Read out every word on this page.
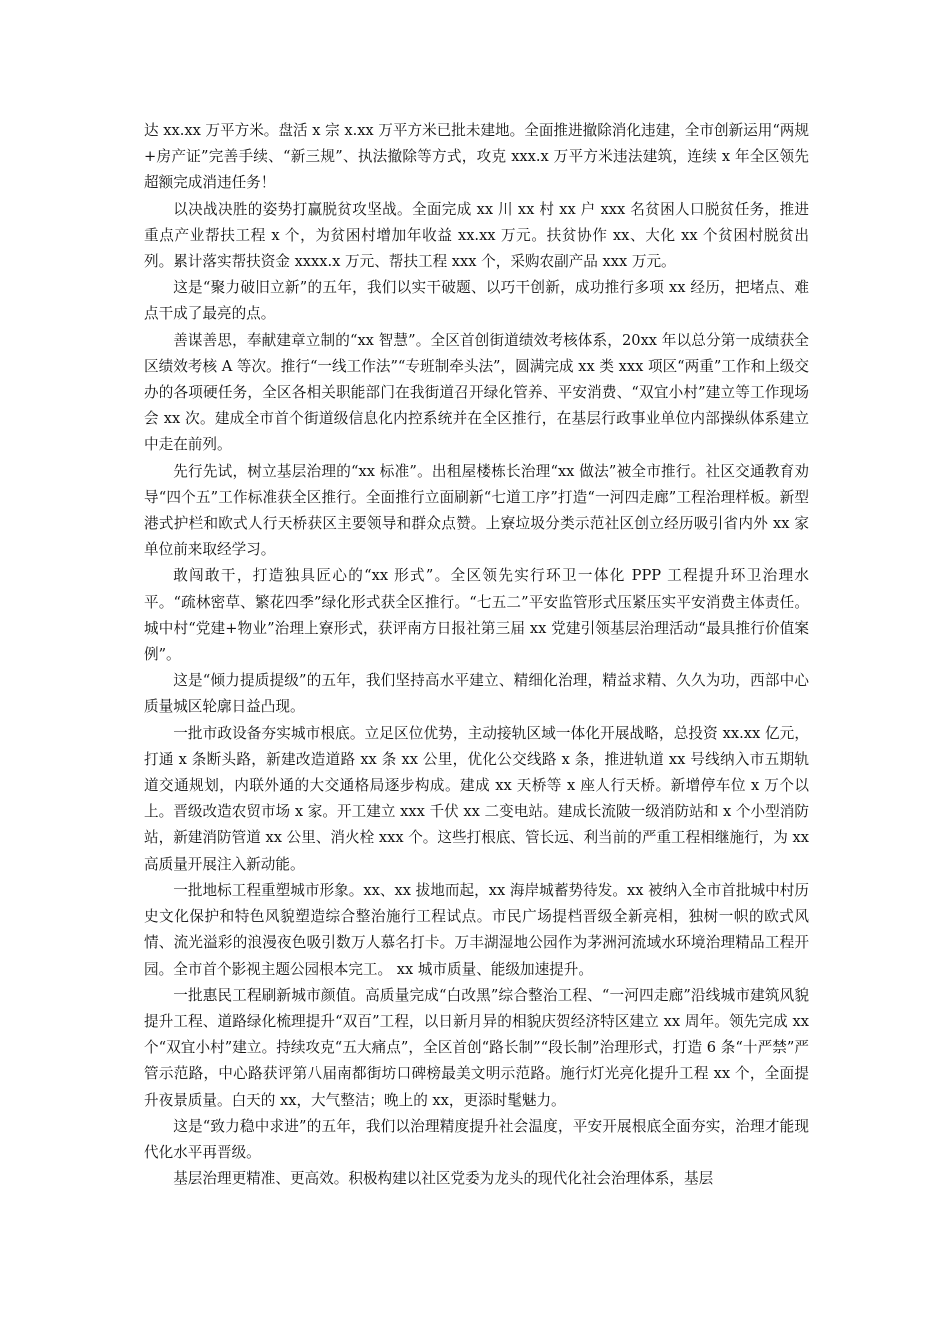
达 xx.xx 万平方米。盘活 x 宗 x.xx 万平方米已批未建地。全面推进撤除消化违建，全市创新运用“两规+房产证”完善手续、“新三规”、执法撤除等方式，攻克 xxx.x 万平方米违法建筑，连续 x 年全区领先超额完成消违任务！

以决战决胜的姿势打赢脱贫攻坚战。全面完成 xx 川 xx 村 xx 户 xxx 名贫困人口脱贫任务，推进重点产业帮扶工程 x 个，为贫困村增加年收益 xx.xx 万元。扶贫协作 xx、大化 xx 个贫困村脱贫出列。累计落实帮扶资金 xxxx.x 万元、帮扶工程 xxx 个，采购农副产品 xxx 万元。

这是“聚力破旧立新”的五年，我们以实干破题、以巧干创新，成功推行多项 xx 经历，把堵点、难点干成了最亮的点。

善谋善思，奉献建章立制的“xx 智慧”。全区首创街道绩效考核体系，20xx 年以总分第一成绩获全区绩效考核 A 等次。推行“一线工作法”“专班制牵头法”，圆满完成 xx 类 xxx 项区“两重”工作和上级交办的各项硬任务，全区各相关职能部门在我街道召开绿化管养、平安消费、“双宜小村”建立等工作现场会 xx 次。建成全市首个街道级信息化内控系统并在全区推行，在基层行政事业单位内部操纵体系建立中走在前列。

先行先试，树立基层治理的“xx 标准”。出租屋楼栋长治理“xx 做法”被全市推行。社区交通教育劝导“四个五”工作标准获全区推行。全面推行立面刷新“七道工序”打造“一河四走廊”工程治理样板。新型港式护栏和欧式人行天桥获区主要领导和群众点赞。上寮垃圾分类示范社区创立经历吸引省内外 xx 家单位前来取经学习。

敢闯敢干，打造独具匠心的“xx 形式”。全区领先实行环卫一体化 PPP 工程提升环卫治理水平。“疏林密草、繁花四季”绿化形式获全区推行。“七五二”平安监管形式压紧压实平安消费主体责任。城中村“党建+物业”治理上寮形式，获评南方日报社第三届 xx 党建引领基层治理活动“最具推行价值案例”。

这是“倾力提质提级”的五年，我们坚持高水平建立、精细化治理，精益求精、久久为功，西部中心质量城区轮廓日益凸现。

一批市政设备夯实城市根底。立足区位优势，主动接轨区域一体化开展战略，总投资 xx.xx 亿元，打通 x 条断头路，新建改造道路 xx 条 xx 公里，优化公交线路 x 条，推进轨道 xx 号线纳入市五期轨道交通规划，内联外通的大交通格局逐步构成。建成 xx 天桥等 x 座人行天桥。新增停车位 x 万个以上。晋级改造农贸市场 x 家。开工建立 xxx 千伏 xx 二变电站。建成长流陂一级消防站和 x 个小型消防站，新建消防管道 xx 公里、消火栓 xxx 个。这些打根底、管长远、利当前的严重工程相继施行，为 xx 高质量开展注入新动能。

一批地标工程重塑城市形象。xx、xx 拔地而起，xx 海岸城蓄势待发。xx 被纳入全市首批城中村历史文化保护和特色风貌塑造综合整治施行工程试点。市民广场提档晋级全新亮相，独树一帜的欧式风情、流光溢彩的浪漫夜色吸引数万人慕名打卡。万丰湖湿地公园作为茅洲河流域水环境治理精品工程开园。全市首个影视主题公园根本完工。 xx 城市质量、能级加速提升。

一批惠民工程刷新城市颜值。高质量完成“白改黑”综合整治工程、“一河四走廊”沿线城市建筑风貌提升工程、道路绿化梳理提升“双百”工程，以日新月异的相貌庆贺经济特区建立 xx 周年。领先完成 xx 个“双宜小村”建立。持续攻克“五大痛点”，全区首创“路长制”“段长制”治理形式，打造 6 条“十严禁”严管示范路，中心路获评第八届南都街坊口碑榜最美文明示范路。施行灯光亮化提升工程 xx 个，全面提升夜景质量。白天的 xx，大气整洁；晚上的 xx，更添时髦魅力。

这是“致力稳中求进”的五年，我们以治理精度提升社会温度，平安开展根底全面夯实，治理才能现代化水平再晋级。

基层治理更精准、更高效。积极构建以社区党委为龙头的现代化社会治理体系，基层
